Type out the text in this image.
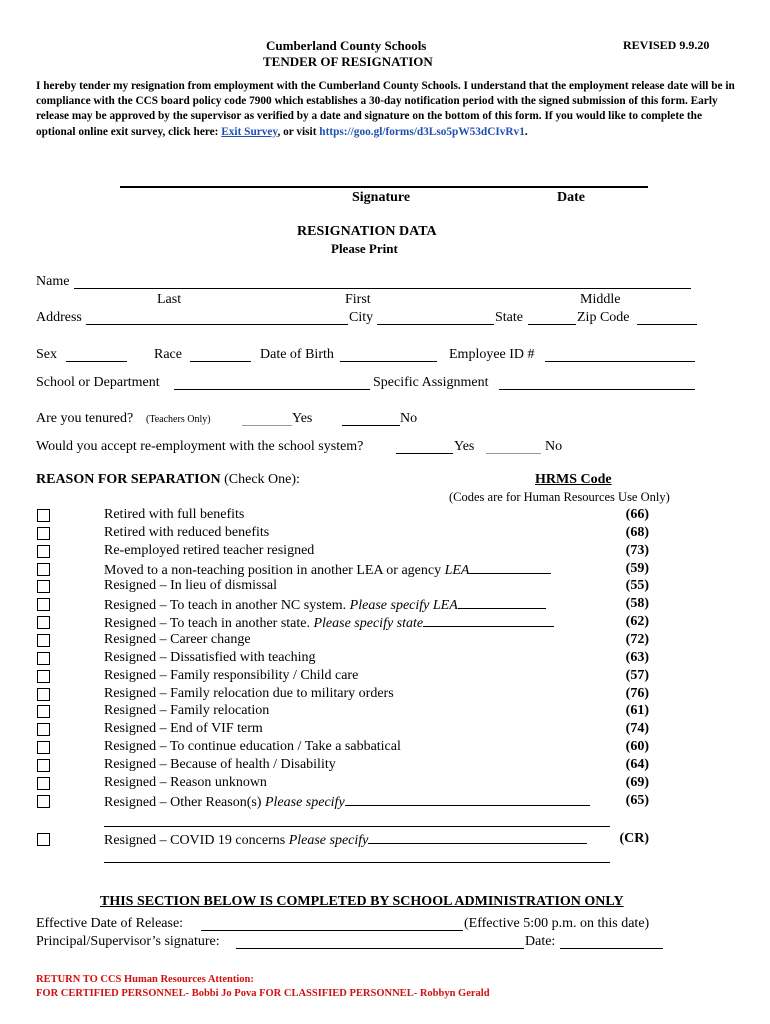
Cumberland County Schools
TENDER OF RESIGNATION
REVISED 9.9.20
I hereby tender my resignation from employment with the Cumberland County Schools. I understand that the employment release date will be in compliance with the CCS board policy code 7900 which establishes a 30-day notification period with the signed submission of this form. Early release may be approved by the supervisor as verified by a date and signature on the bottom of this form. If you would like to complete the optional online exit survey, click here: Exit Survey, or visit https://goo.gl/forms/d3Lso5pW53dCIvRv1.
Signature	Date
RESIGNATION DATA
Please Print
Name
Last	First	Middle
Address	City	State	Zip Code
Sex	Race	Date of Birth	Employee ID #
School or Department	Specific Assignment
Are you tenured? (Teachers Only)	Yes	No
Would you accept re-employment with the school system?	Yes	No
REASON FOR SEPARATION (Check One):	HRMS Code
(Codes are for Human Resources Use Only)
Retired with full benefits	(66)
Retired with reduced benefits	(68)
Re-employed retired teacher resigned	(73)
Moved to a non-teaching position in another LEA or agency LEA	(59)
Resigned – In lieu of dismissal	(55)
Resigned – To teach in another NC system. Please specify LEA	(58)
Resigned – To teach in another state. Please specify state	(62)
Resigned – Career change	(72)
Resigned – Dissatisfied with teaching	(63)
Resigned – Family responsibility / Child care	(57)
Resigned – Family relocation due to military orders	(76)
Resigned – Family relocation	(61)
Resigned – End of VIF term	(74)
Resigned – To continue education / Take a sabbatical	(60)
Resigned – Because of health / Disability	(64)
Resigned – Reason unknown	(69)
Resigned – Other Reason(s) Please specify	(65)
Resigned – COVID 19 concerns Please specify	(CR)
THIS SECTION BELOW IS COMPLETED BY SCHOOL ADMINISTRATION ONLY
Effective Date of Release:	(Effective 5:00 p.m. on this date)
Principal/Supervisor’s signature:	Date:
RETURN TO CCS Human Resources Attention:
FOR CERTIFIED PERSONNEL- Bobbi Jo Pova FOR CLASSIFIED PERSONNEL- Robbyn Gerald
